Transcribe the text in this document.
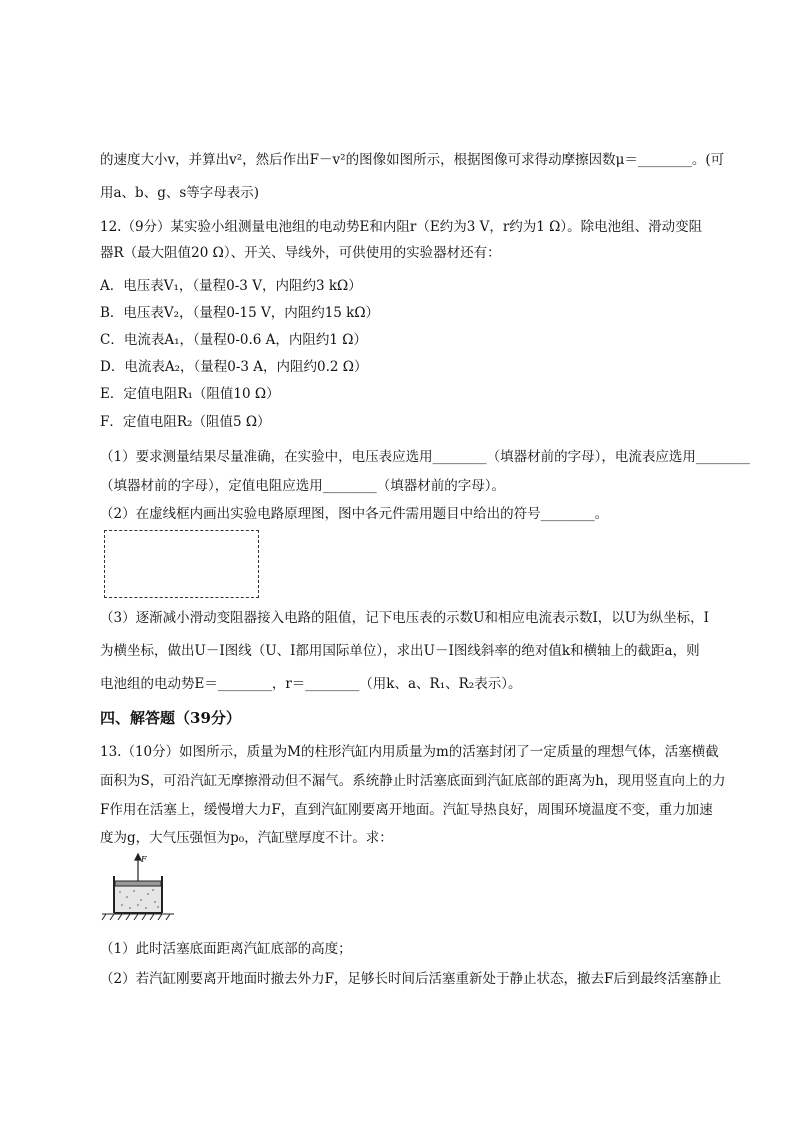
的速度大小v，并算出v²，然后作出F－v²的图像如图所示，根据图像可求得动摩擦因数μ＝________。(可
用a、b、g、s等字母表示)
12.（9分）某实验小组测量电池组的电动势E和内阻r（E约为3 V，r约为1 Ω）。除电池组、滑动变阻
器R（最大阻值20 Ω）、开关、导线外，可供使用的实验器材还有：
A．电压表V₁，（量程0-3 V，内阻约3 kΩ）
B．电压表V₂，（量程0-15 V，内阻约15 kΩ）
C．电流表A₁，（量程0-0.6 A，内阻约1 Ω）
D．电流表A₂，（量程0-3 A，内阻约0.2 Ω）
E．定值电阻R₁（阻值10 Ω）
F．定值电阻R₂（阻值5 Ω）
（1）要求测量结果尽量准确，在实验中，电压表应选用________（填器材前的字母），电流表应选用________
（填器材前的字母），定值电阻应选用________（填器材前的字母）。
（2）在虚线框内画出实验电路原理图，图中各元件需用题目中给出的符号________。
（3）逐渐减小滑动变阻器接入电路的阻值，记下电压表的示数U和相应电流表示数I，以U为纵坐标，I
为横坐标，做出U－I图线（U、I都用国际单位），求出U－I图线斜率的绝对值k和横轴上的截距a，则
电池组的电动势E＝________，r＝________（用k、a、R₁、R₂表示）。
四、解答题（39分）
13.（10分）如图所示，质量为M的柱形汽缸内用质量为m的活塞封闭了一定质量的理想气体，活塞横截
面积为S，可沿汽缸无摩擦滑动但不漏气。系统静止时活塞底面到汽缸底部的距离为h，现用竖直向上的力
F作用在活塞上，缓慢增大力F，直到汽缸刚要离开地面。汽缸导热良好，周围环境温度不变，重力加速
度为g，大气压强恒为p₀，汽缸壁厚度不计。求：
F
（1）此时活塞底面距离汽缸底部的高度；
（2）若汽缸刚要离开地面时撤去外力F，足够长时间后活塞重新处于静止状态，撤去F后到最终活塞静止
